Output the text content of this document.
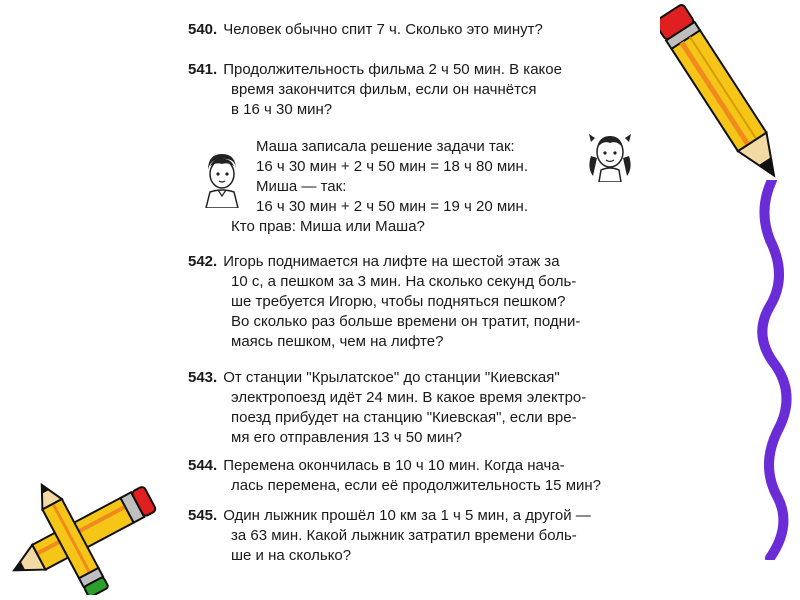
540. Человек обычно спит 7 ч. Сколько это минут?
541. Продолжительность фильма 2 ч 50 мин. В какое
время закончится фильм, если он начнётся
в 16 ч 30 мин?
Маша записала решение задачи так:
16 ч 30 мин + 2 ч 50 мин = 18 ч 80 мин.
Миша — так:
16 ч 30 мин + 2 ч 50 мин = 19 ч 20 мин.
Кто прав: Миша или Маша?
542. Игорь поднимается на лифте на шестой этаж за
10 с, а пешком за 3 мин. На сколько секунд боль-
ше требуется Игорю, чтобы подняться пешком?
Во сколько раз больше времени он тратит, подни-
маясь пешком, чем на лифте?
543. От станции "Крылатское" до станции "Киевская"
электропоезд идёт 24 мин. В какое время электро-
поезд прибудет на станцию "Киевская", если вре-
мя его отправления 13 ч 50 мин?
544. Перемена окончилась в 10 ч 10 мин. Когда нача-
лась перемена, если её продолжительность 15 мин?
545. Один лыжник прошёл 10 км за 1 ч 5 мин, а другой —
за 63 мин. Какой лыжник затратил времени боль-
ше и на сколько?
